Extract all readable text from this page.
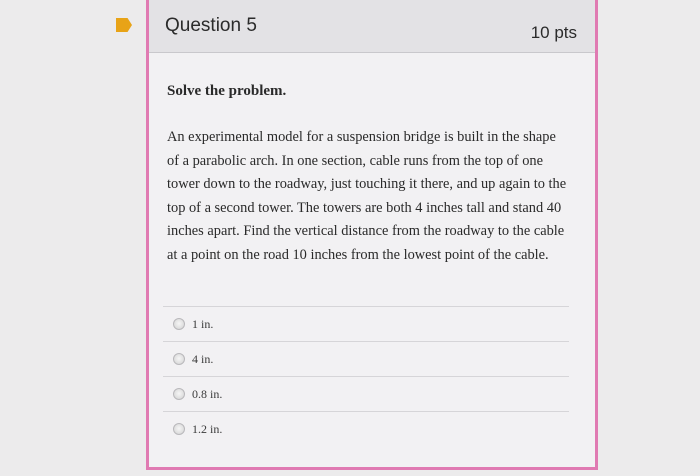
Question 5	10 pts
Solve the problem.
An experimental model for a suspension bridge is built in the shape of a parabolic arch. In one section, cable runs from the top of one tower down to the roadway, just touching it there, and up again to the top of a second tower. The towers are both 4 inches tall and stand 40 inches apart. Find the vertical distance from the roadway to the cable at a point on the road 10 inches from the lowest point of the cable.
1 in.
4 in.
0.8 in.
1.2 in.
